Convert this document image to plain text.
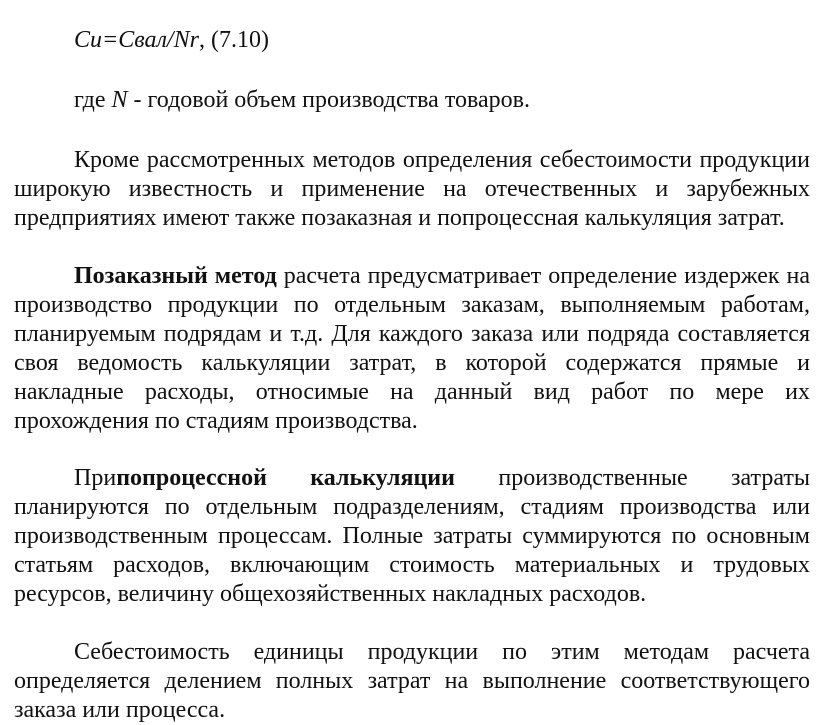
Cu=Cвал/Nr, (7.10)

где N - годовой объем производства товаров.

Кроме рассмотренных методов определения себестоимости продукции широкую известность и применение на отечественных и зарубежных предприятиях имеют также позаказная и попроцессная калькуляция затрат.

Позаказный метод расчета предусматривает определение издержек на производство продукции по отдельным заказам, выполняемым работам, планируемым подрядам и т.д. Для каждого заказа или подряда составляется своя ведомость калькуляции затрат, в которой содержатся прямые и накладные расходы, относимые на данный вид работ по мере их прохождения по стадиям производства.

Припопроцессной калькуляции производственные затраты планируются по отдельным подразделениям, стадиям производства или производственным процессам. Полные затраты суммируются по основным статьям расходов, включающим стоимость материальных и трудовых ресурсов, величину общехозяйственных накладных расходов.

Себестоимость единицы продукции по этим методам расчета определяется делением полных затрат на выполнение соответствующего заказа или процесса.
